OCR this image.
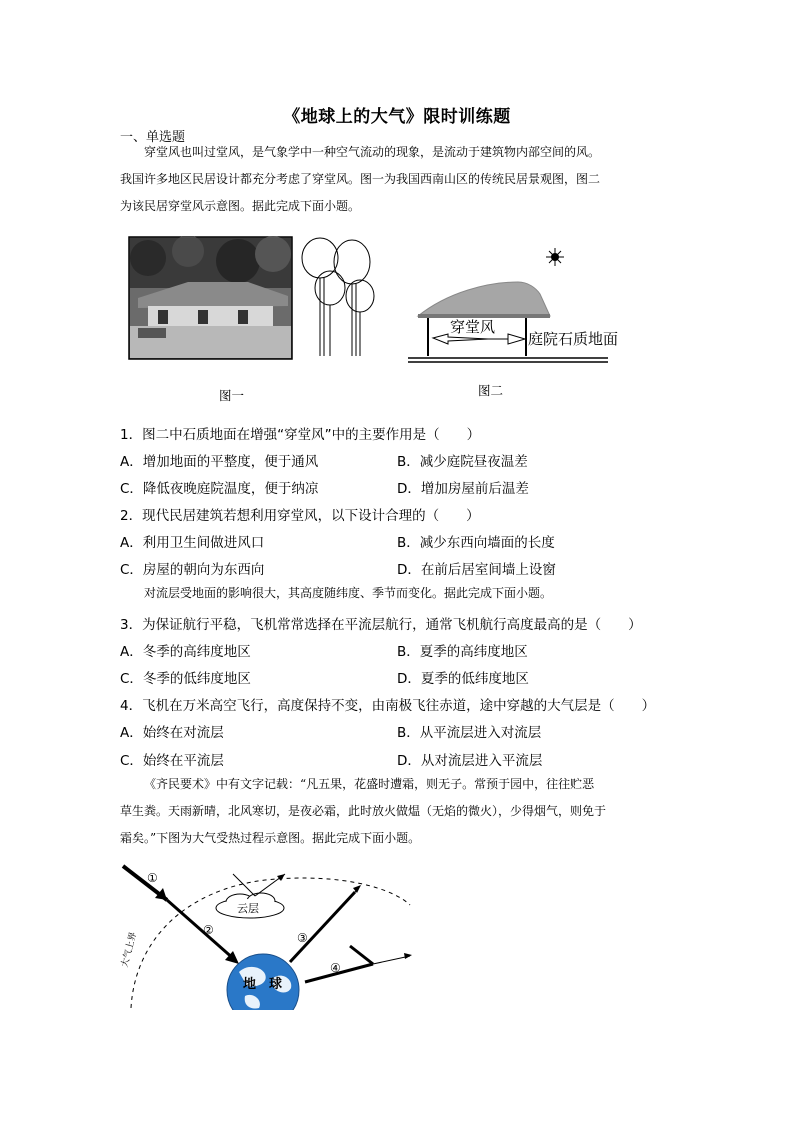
《地球上的大气》限时训练题
一、单选题
穿堂风也叫过堂风，是气象学中一种空气流动的现象，是流动于建筑物内部空间的风。
我国许多地区民居设计都充分考虑了穿堂风。图一为我国西南山区的传统民居景观图，图二
为该民居穿堂风示意图。据此完成下面小题。
图一
穿堂风
庭院石质地面
图二
1．图二中石质地面在增强“穿堂风”中的主要作用是（　　）
A．增加地面的平整度，便于通风	B．减少庭院昼夜温差
C．降低夜晚庭院温度，便于纳凉	D．增加房屋前后温差
2．现代民居建筑若想利用穿堂风，以下设计合理的（　　）
A．利用卫生间做进风口	B．减少东西向墙面的长度
C．房屋的朝向为东西向	D．在前后居室间墙上设窗
对流层受地面的影响很大，其高度随纬度、季节而变化。据此完成下面小题。
3．为保证航行平稳，飞机常常选择在平流层航行，通常飞机航行高度最高的是（　　）
A．冬季的高纬度地区	B．夏季的高纬度地区
C．冬季的低纬度地区	D．夏季的低纬度地区
4．飞机在万米高空飞行，高度保持不变，由南极飞往赤道，途中穿越的大气层是（　　）
A．始终在对流层	B．从平流层进入对流层
C．始终在平流层	D．从对流层进入平流层
《齐民要术》中有文字记载：“凡五果，花盛时遭霜，则无子。常预于园中，往往贮恶
草生粪。天雨新晴，北风寒切，是夜必霜，此时放火做煴（无焰的微火），少得烟气，则免于
霜矣。”下图为大气受热过程示意图。据此完成下面小题。
大气上界
①
②
云层
③
④
地　球
